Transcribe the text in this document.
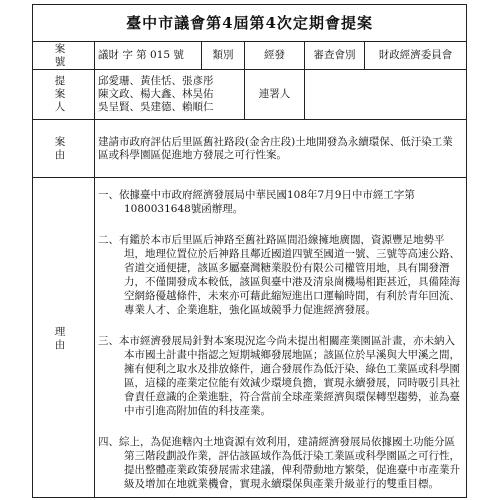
臺中市議會第4屆第4次定期會提案					
案 號	議財 字 第 015 號	類別	經發	審查會別	財政經濟委員會
提 案 人	邱愛珊、黃佳恬、張彥彤
陳文政、楊大鑫、林昊佑
吳呈賢、吳建德、賴順仁		連署人		
案 由	建請市政府評估后里區舊社路段(金舍庄段)土地開發為永續環保、低汙染工業區或科學園區促進地方發展之可行性案。				
理 由	一、依據臺中市政府經濟發展局中華民國108年7月9日中市經工字第1080031648號函辦理。

二、有鑑於本市后里區后神路至舊社路區間沿線擁地廣闊，資源豐足地勢平坦，地理位置位於后神路且鄰近國道四號至國道一號、三號等高速公路、省道交通便捷，該區多屬臺灣糖業股份有限公司權管用地，具有開發潛力，不僅開發成本較低，該區與臺中港及清泉崗機場相距甚近，具備陸海空網絡優越條件，未來亦可藉此縮短進出口運輸時間，有利於青年回流、專業人才、企業進駐，強化區域競爭力促進經濟發展。

三、本市經濟發展局針對本案現況迄今尚未提出相關產業園區計畫，亦未納入本市國土計畫中指認之短期城鄉發展地區；該區位於早溪與大甲溪之間，擁有便利之取水及排放條件，適合發展作為低汙染、綠色工業區或科學園區，這樣的產業定位能有效減少環境負擔，實現永續發展，同時吸引具社會責任意識的企業進駐，符合當前全球產業經濟與環保轉型趨勢，並為臺中市引進高附加值的科技產業。

四、綜上，為促進轄內土地資源有效利用，建請經濟發展局依據國土功能分區第三階段劃設作業，評估該區域作為低汙染工業區或科學園區之可行性，提出整體產業政策發展需求建議，俾利帶動地方繁榮，促進臺中市產業升級及增加在地就業機會，實現永續環保與產業升級並行的雙重目標。				
